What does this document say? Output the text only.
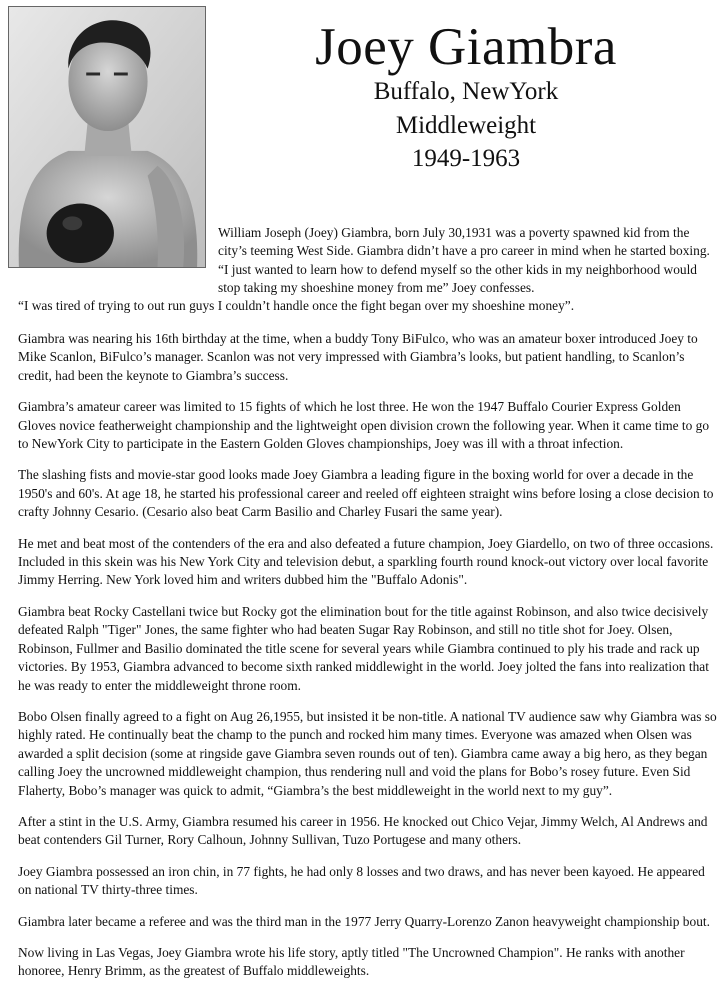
Joey Giambra
Buffalo, NewYork
Middleweight
1949-1963
William Joseph (Joey) Giambra, born July 30,1931 was a poverty spawned kid from the city’s teeming West Side. Giambra didn’t have a pro career in mind when he started boxing. “I just wanted to learn how to defend myself so the other kids in my neighborhood would stop taking my shoeshine money from me” Joey confesses.
“I was tired of trying to out run guys I couldn’t handle once the fight began over my shoeshine money”.

Giambra was nearing his 16th birthday at the time, when a buddy Tony BiFulco, who was an amateur boxer introduced Joey to Mike Scanlon, BiFulco’s manager. Scanlon was not very impressed with Giambra’s looks, but patient handling, to Scanlon’s credit, had been the keynote to Giambra’s success.

Giambra’s amateur career was limited to 15 fights of which he lost three. He won the 1947 Buffalo Courier Express Golden Gloves novice featherweight championship and the lightweight open division crown the following year. When it came time to go to NewYork City to participate in the Eastern Golden Gloves championships, Joey was ill with a throat infection.

The slashing fists and movie-star good looks made Joey Giambra a leading figure in the boxing world for over a decade in the 1950's and 60's. At age 18, he started his professional career and reeled off eighteen straight wins before losing a close decision to crafty Johnny Cesario. (Cesario also beat Carm Basilio and Charley Fusari the same year).

He met and beat most of the contenders of the era and also defeated a future champion, Joey Giardello, on two of three occasions. Included in this skein was his New York City and television debut, a sparkling fourth round knock-out victory over local favorite Jimmy Herring. New York loved him and writers dubbed him the "Buffalo Adonis".

Giambra beat Rocky Castellani twice but Rocky got the elimination bout for the title against Robinson, and also twice decisively defeated Ralph "Tiger" Jones, the same fighter who had beaten Sugar Ray Robinson, and still no title shot for Joey. Olsen, Robinson, Fullmer and Basilio dominated the title scene for several years while Giambra continued to ply his trade and rack up victories. By 1953, Giambra advanced to become sixth ranked middlewight in the world. Joey jolted the fans into realization that he was ready to enter the middleweight throne room.

Bobo Olsen finally agreed to a fight on Aug 26,1955, but insisted it be non-title. A national TV audience saw why Giambra was so highly rated. He continually beat the champ to the punch and rocked him many times. Everyone was amazed when Olsen was awarded a split decision (some at ringside gave Giambra seven rounds out of ten). Giambra came away a big hero, as they began calling Joey the uncrowned middleweight champion, thus rendering null and void the plans for Bobo’s rosey future. Even Sid Flaherty, Bobo’s manager was quick to admit, “Giambra’s the best middleweight in the world next to my guy”.

After a stint in the U.S. Army, Giambra resumed his career in 1956. He knocked out Chico Vejar, Jimmy Welch, Al Andrews and beat contenders Gil Turner, Rory Calhoun, Johnny Sullivan, Tuzo Portugese and many others.

Joey Giambra possessed an iron chin, in 77 fights, he had only 8 losses and two draws, and has never been kayoed. He appeared on national TV thirty-three times.

Giambra later became a referee and was the third man in the 1977 Jerry Quarry-Lorenzo Zanon heavyweight championship bout.

Now living in Las Vegas, Joey Giambra wrote his life story, aptly titled "The Uncrowned Champion". He ranks with another honoree, Henry Brimm, as the greatest of Buffalo middleweights.
